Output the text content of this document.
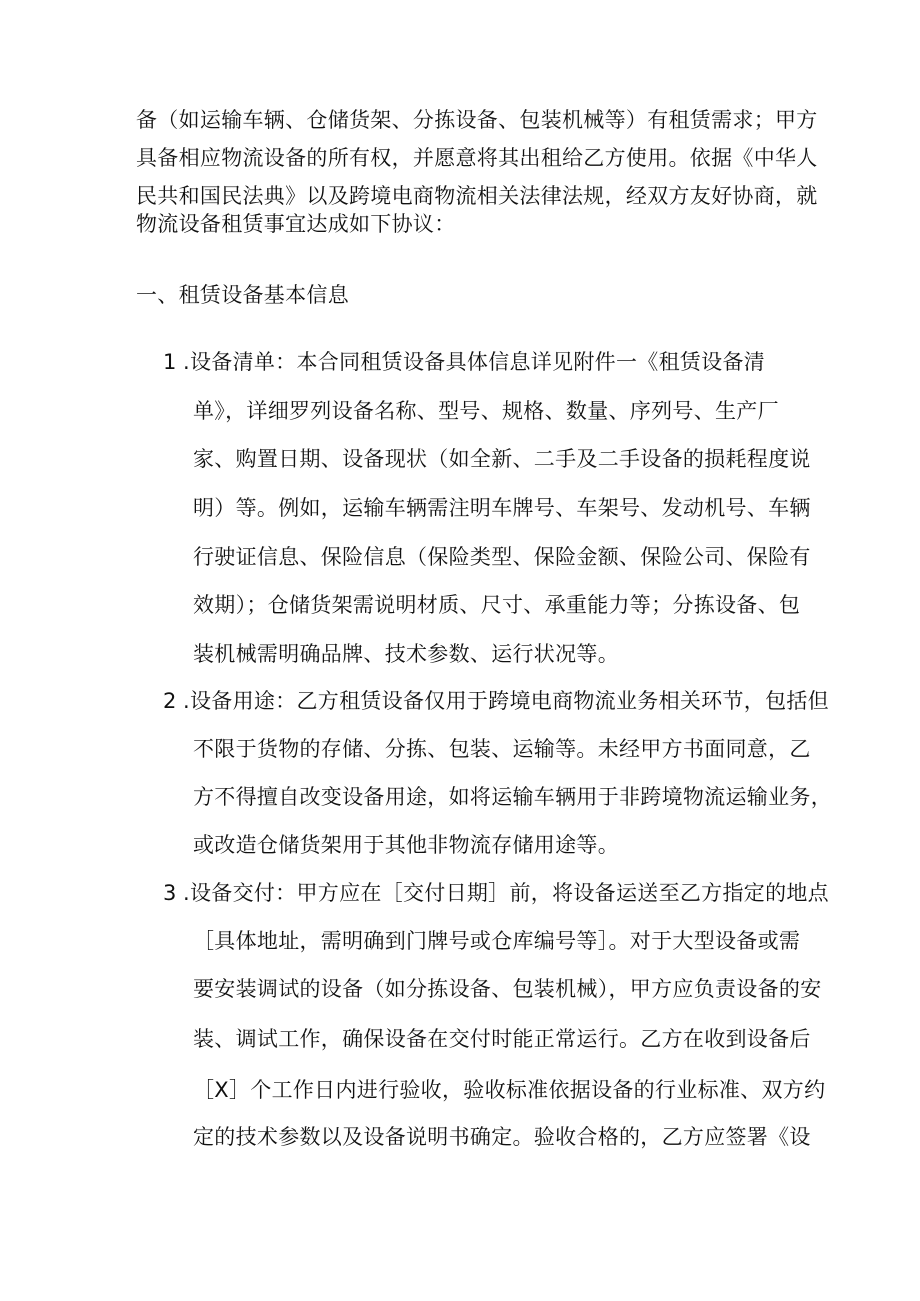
备（如运输车辆、仓储货架、分拣设备、包装机械等）有租赁需求；甲方
具备相应物流设备的所有权，并愿意将其出租给乙方使用。依据《中华人
民共和国民法典》以及跨境电商物流相关法律法规，经双方友好协商，就
物流设备租赁事宜达成如下协议：
一、租赁设备基本信息
1 .设备清单：本合同租赁设备具体信息详见附件一《租赁设备清
单》，详细罗列设备名称、型号、规格、数量、序列号、生产厂
家、购置日期、设备现状（如全新、二手及二手设备的损耗程度说
明）等。例如，运输车辆需注明车牌号、车架号、发动机号、车辆
行驶证信息、保险信息（保险类型、保险金额、保险公司、保险有
效期）；仓储货架需说明材质、尺寸、承重能力等；分拣设备、包
装机械需明确品牌、技术参数、运行状况等。
2 .设备用途：乙方租赁设备仅用于跨境电商物流业务相关环节，包括但
不限于货物的存储、分拣、包装、运输等。未经甲方书面同意，乙
方不得擅自改变设备用途，如将运输车辆用于非跨境物流运输业务，
或改造仓储货架用于其他非物流存储用途等。
3 .设备交付：甲方应在［交付日期］前，将设备运送至乙方指定的地点
［具体地址，需明确到门牌号或仓库编号等］。对于大型设备或需
要安装调试的设备（如分拣设备、包装机械），甲方应负责设备的安
装、调试工作，确保设备在交付时能正常运行。乙方在收到设备后
［X］个工作日内进行验收，验收标准依据设备的行业标准、双方约
定的技术参数以及设备说明书确定。验收合格的，乙方应签署《设
